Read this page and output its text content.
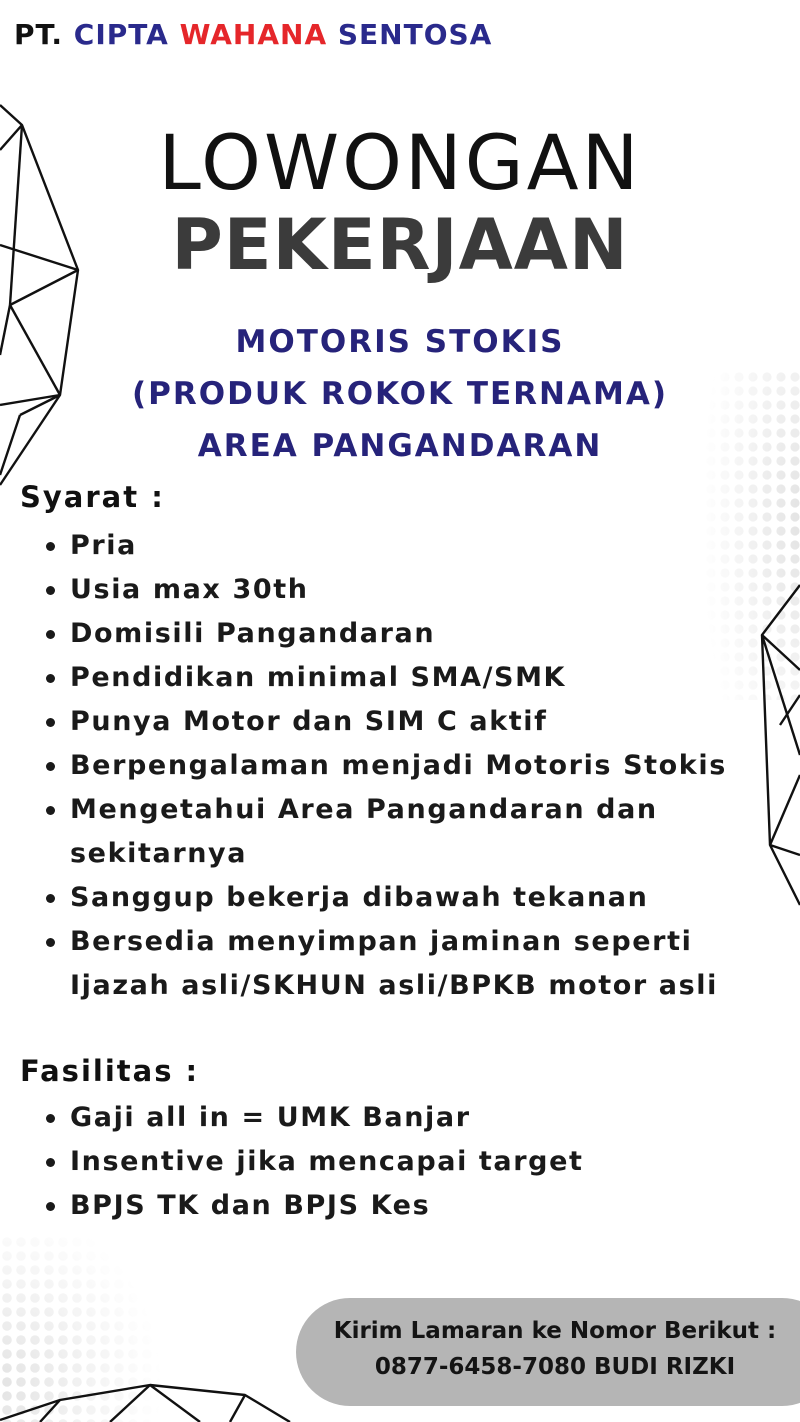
PT. CIPTA WAHANA SENTOSA
LOWONGAN
PEKERJAAN
MOTORIS STOKIS
(PRODUK ROKOK TERNAMA)
AREA PANGANDARAN
Syarat :
Pria
Usia max 30th
Domisili Pangandaran
Pendidikan minimal SMA/SMK
Punya Motor dan SIM C aktif
Berpengalaman menjadi Motoris Stokis
Mengetahui Area Pangandaran dan
sekitarnya
Sanggup bekerja dibawah tekanan
Bersedia menyimpan jaminan seperti
Ijazah asli/SKHUN asli/BPKB motor asli
Fasilitas :
Gaji all in = UMK Banjar
Insentive jika mencapai target
BPJS TK dan BPJS Kes
Kirim Lamaran ke Nomor Berikut :
0877-6458-7080 BUDI RIZKI
